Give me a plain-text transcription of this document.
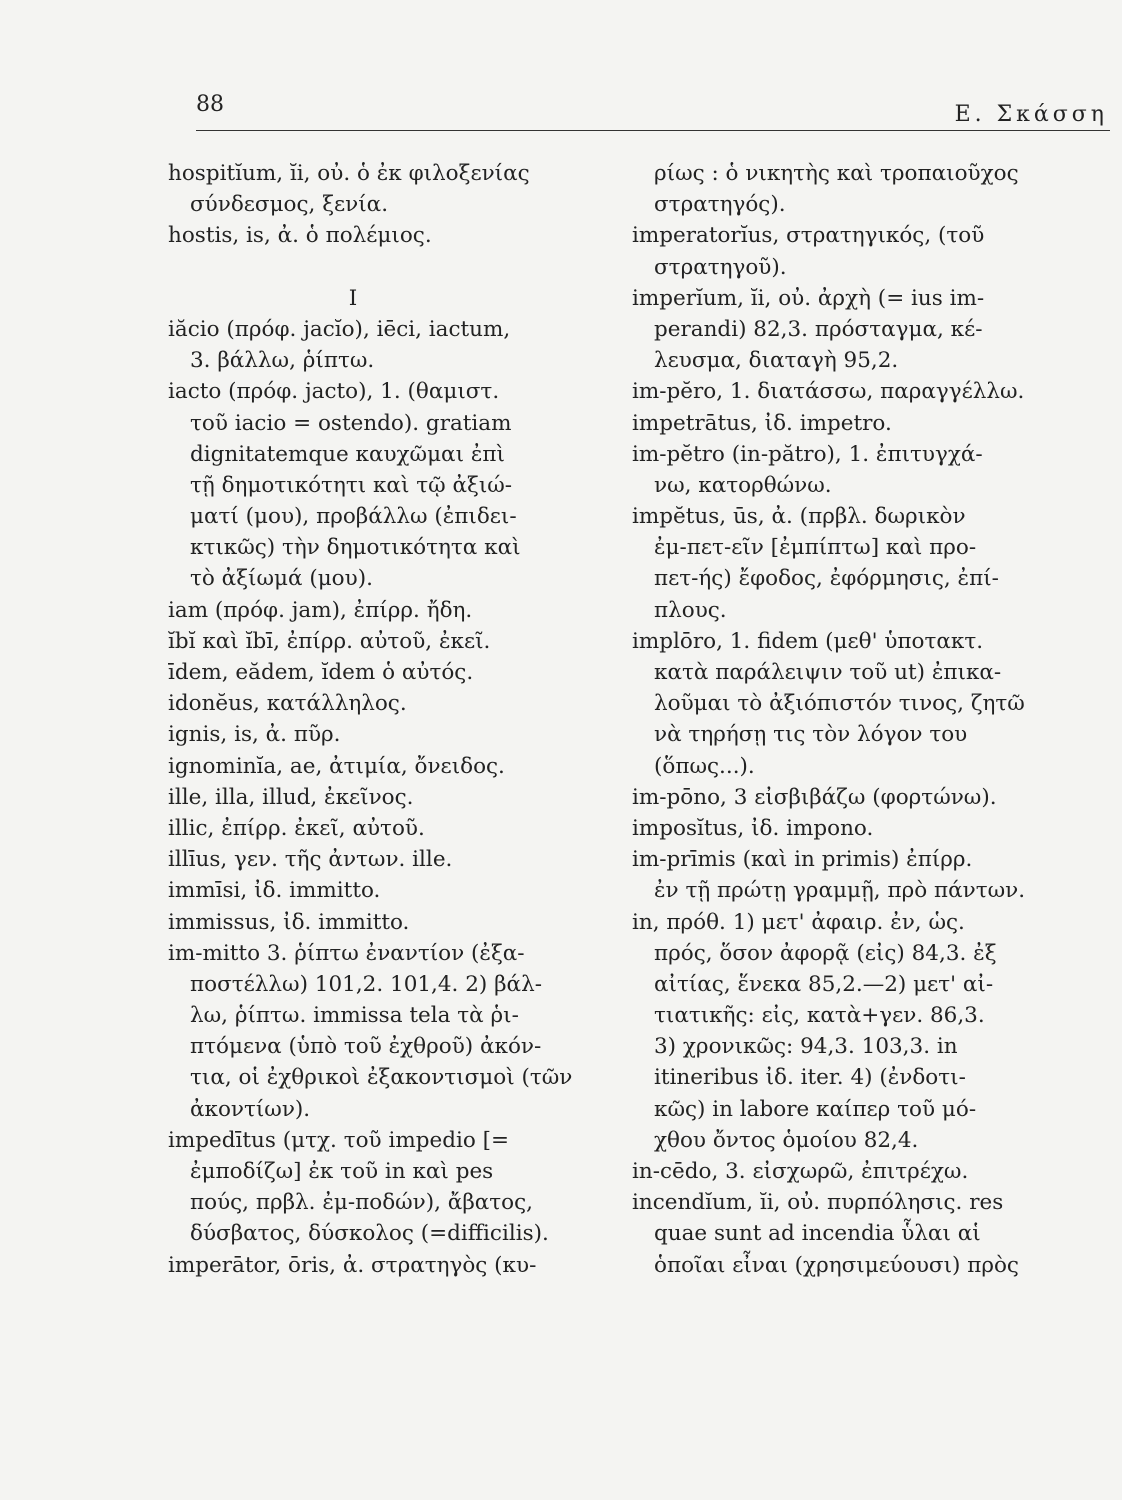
88	Ε. Σκάσση
hospitĭum, ĭi, οὐ. ὁ ἐκ φιλοξενίας
σύνδεσμος, ξενία.
hostis, is, ἀ. ὁ πολέμιος.
I
iăcio (πρόφ. jacĭo), iēci, iactum,
3. βάλλω, ῥίπτω.
iacto (πρόφ. jacto), 1. (θαμιστ.
τοῦ iacio = ostendo). gratiam
dignitatemque καυχῶμαι ἐπὶ
τῇ δημοτικότητι καὶ τῷ ἀξιώ-
ματί (μου), προβάλλω (ἐπιδει-
κτικῶς) τὴν δημοτικότητα καὶ
τὸ ἀξίωμά (μου).
iam (πρόφ. jam), ἐπίρρ. ἤδη.
ĭbĭ καὶ ĭbī, ἐπίρρ. αὐτοῦ, ἐκεῖ.
īdem, eădem, ĭdem ὁ αὐτός.
idonĕus, κατάλληλος.
ignis, is, ἀ. πῦρ.
ignominĭa, ae, ἀτιμία, ὄνειδος.
ille, illa, illud, ἐκεῖνος.
illic, ἐπίρρ. ἐκεῖ, αὐτοῦ.
illīus, γεν. τῆς ἀντων. ille.
immīsi, ἰδ. immitto.
immissus, ἰδ. immitto.
im-mitto 3. ῥίπτω ἐναντίον (ἐξα-
ποστέλλω) 101,2. 101,4. 2) βάλ-
λω, ῥίπτω. immissa tela τὰ ῥι-
πτόμενα (ὑπὸ τοῦ ἐχθροῦ) ἀκόν-
τια, οἱ ἐχθρικοὶ ἐξακοντισμοὶ (τῶν
ἀκοντίων).
impedītus (μτχ. τοῦ impedio [=
ἐμποδίζω] ἐκ τοῦ in καὶ pes
πούς, πρβλ. ἐμ-ποδών), ἄβατος,
δύσβατος, δύσκολος (=difficilis).
imperātor, ōris, ἀ. στρατηγὸς (κυ-
ρίως : ὁ νικητὴς καὶ τροπαιοῦχος
στρατηγός).
imperatorĭus, στρατηγικός, (τοῦ
στρατηγοῦ).
imperĭum, ĭi, οὐ. ἀρχὴ (= ius im-
perandi) 82,3. πρόσταγμα, κέ-
λευσμα, διαταγὴ 95,2.
im-pĕro, 1. διατάσσω, παραγγέλλω.
impetrātus, ἰδ. impetro.
im-pĕtro (in-pătro), 1. ἐπιτυγχά-
νω, κατορθώνω.
impĕtus, ūs, ἀ. (πρβλ. δωρικὸν
ἐμ-πετ-εῖν [ἐμπίπτω] καὶ προ-
πετ-ής) ἔφοδος, ἐφόρμησις, ἐπί-
πλους.
implōro, 1. fidem (μεθ' ὑποτακτ.
κατὰ παράλειψιν τοῦ ut) ἐπικα-
λοῦμαι τὸ ἀξιόπιστόν τινος, ζητῶ
νὰ τηρήσῃ τις τὸν λόγον του
(ὅπως...).
im-pōno, 3 εἰσβιβάζω (φορτώνω).
imposĭtus, ἰδ. impono.
im-prīmis (καὶ in primis) ἐπίρρ.
ἐν τῇ πρώτῃ γραμμῇ, πρὸ πάντων.
in, πρόθ. 1) μετ' ἀφαιρ. ἐν, ὡς.
πρός, ὅσον ἀφορᾷ (εἰς) 84,3. ἐξ
αἰτίας, ἕνεκα 85,2.—2) μετ' αἰ-
τιατικῆς: εἰς, κατὰ+γεν. 86,3.
3) χρονικῶς: 94,3. 103,3. in
itineribus ἰδ. iter. 4) (ἐνδοτι-
κῶς) in labore καίπερ τοῦ μό-
χθου ὄντος ὁμοίου 82,4.
in-cēdo, 3. εἰσχωρῶ, ἐπιτρέχω.
incendĭum, ĭi, οὐ. πυρπόλησις. res
quae sunt ad incendia ὗλαι αἱ
ὁποῖαι εἶναι (χρησιμεύουσι) πρὸς
